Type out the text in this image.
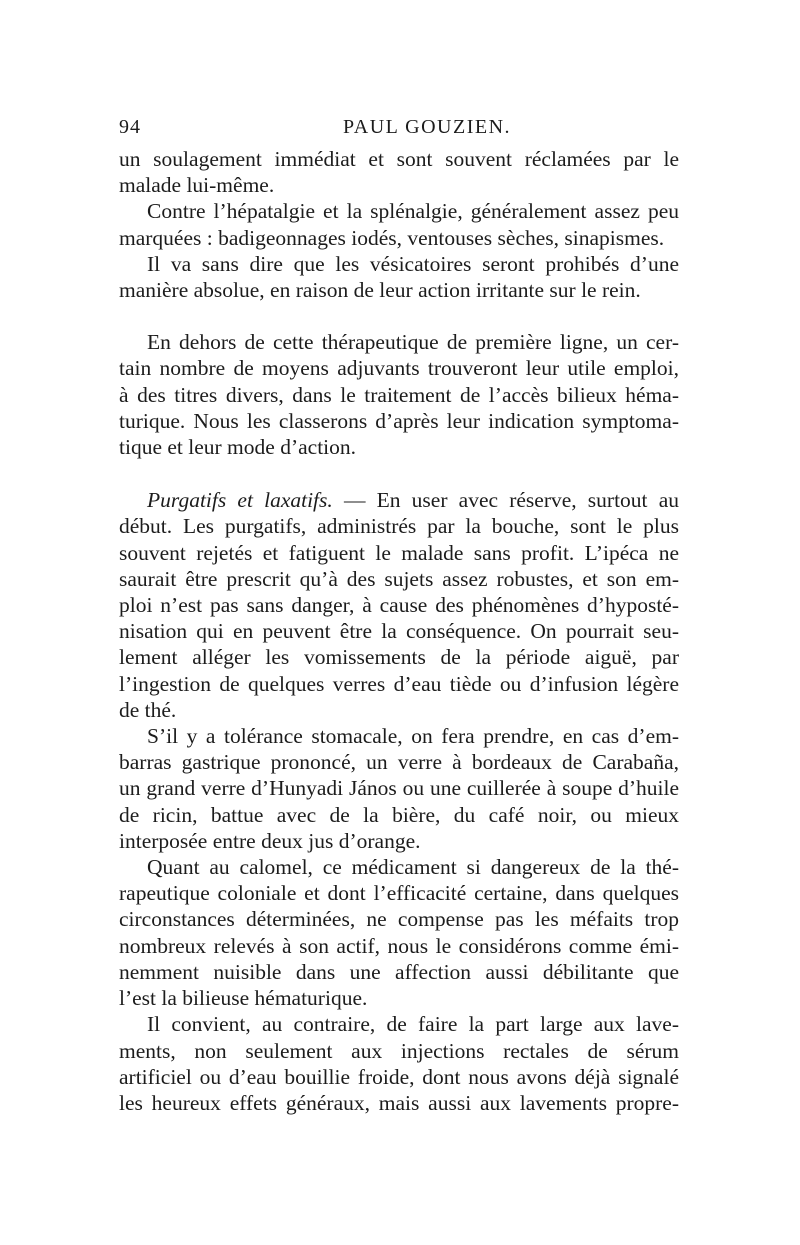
94	PAUL GOUZIEN.

un soulagement immédiat et sont souvent réclamées par le
malade lui-même.

Contre l’hépatalgie et la splénalgie, généralement assez peu
marquées : badigeonnages iodés, ventouses sèches, sinapismes.

Il va sans dire que les vésicatoires seront prohibés d’une
manière absolue, en raison de leur action irritante sur le rein.

En dehors de cette thérapeutique de première ligne, un cer-
tain nombre de moyens adjuvants trouveront leur utile emploi,
à des titres divers, dans le traitement de l’accès bilieux héma-
turique. Nous les classerons d’après leur indication symptoma-
tique et leur mode d’action.

Purgatifs et laxatifs. — En user avec réserve, surtout au
début. Les purgatifs, administrés par la bouche, sont le plus
souvent rejetés et fatiguent le malade sans profit. L’ipéca ne
saurait être prescrit qu’à des sujets assez robustes, et son em-
ploi n’est pas sans danger, à cause des phénomènes d’hyposté-
nisation qui en peuvent être la conséquence. On pourrait seu-
lement alléger les vomissements de la période aiguë, par
l’ingestion de quelques verres d’eau tiède ou d’infusion légère
de thé.

S’il y a tolérance stomacale, on fera prendre, en cas d’em-
barras gastrique prononcé, un verre à bordeaux de Carabaña,
un grand verre d’Hunyadi János ou une cuillerée à soupe d’huile
de ricin, battue avec de la bière, du café noir, ou mieux
interposée entre deux jus d’orange.

Quant au calomel, ce médicament si dangereux de la thé-
rapeutique coloniale et dont l’efficacité certaine, dans quelques
circonstances déterminées, ne compense pas les méfaits trop
nombreux relevés à son actif, nous le considérons comme émi-
nemment nuisible dans une affection aussi débilitante que
l’est la bilieuse hématurique.

Il convient, au contraire, de faire la part large aux lave-
ments, non seulement aux injections rectales de sérum
artificiel ou d’eau bouillie froide, dont nous avons déjà signalé
les heureux effets généraux, mais aussi aux lavements propre-
